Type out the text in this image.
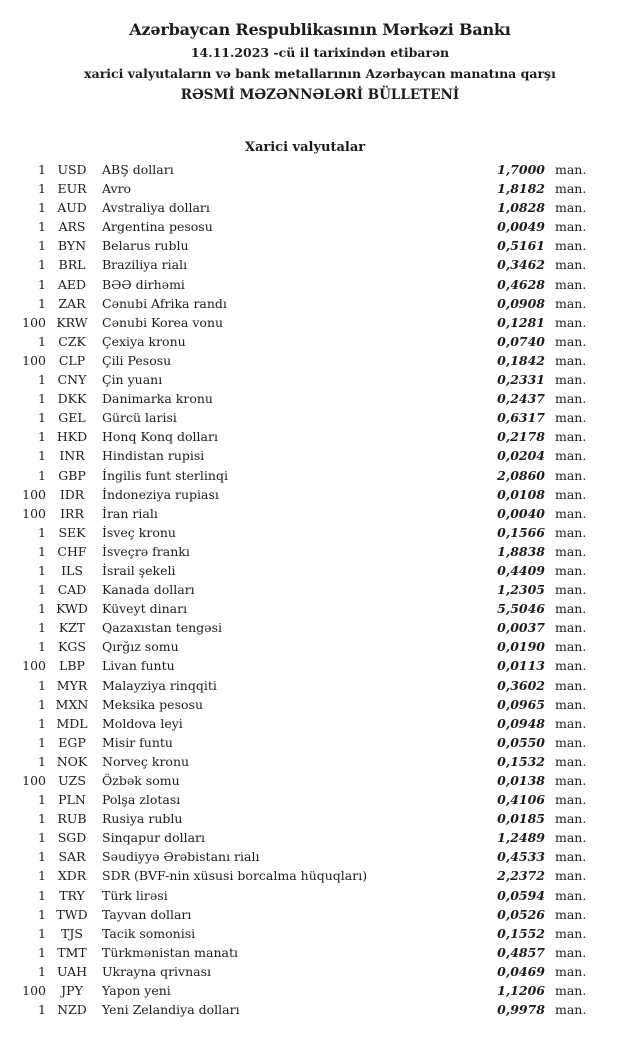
Azərbaycan Respublikasının Mərkəzi Bankı
14.11.2023 -cü il tarixindən etibarən
xarici valyutaların və bank metallarının Azərbaycan manatına qarşı
RƏSMİ MƏZƏNNƏLƏRİ BÜLLETENİ
Xarici valyutalar
1 USD	ABŞ dolları	1,7000 man.
1 EUR	Avro	1,8182 man.
1 AUD	Avstraliya dolları	1,0828 man.
1 ARS	Argentina pesosu	0,0049 man.
1 BYN	Belarus rublu	0,5161 man.
1	BRL	Braziliya rialı	0,3462 man.
1 AED	BƏƏ dirhəmi	0,4628 man.
1 ZAR	Cənubi Afrika randı	0,0908 man.
100 KRW	Cənubi Korea vonu	0,1281 man.
1 CZK	Çexiya kronu	0,0740 man.
100	CLP	Çili Pesosu	0,1842 man.
1 CNY	Çin yuanı	0,2331 man.
1 DKK	Danimarka kronu	0,2437 man.
1 GEL	Gürcü larisi	0,6317 man.
1 HKD	Honq Konq dolları	0,2178 man.
1	INR	Hindistan rupisi	0,0204 man.
1 GBP	İngilis funt sterlinqi	2,0860 man.
100	IDR	İndoneziya rupiası	0,0108 man.
100	IRR	İran rialı	0,0040 man.
1 SEK	İsveç kronu	0,1566 man.
1 CHF	İsveçrə frankı	1,8838 man.
1	ILS	İsrail şekeli	0,4409 man.
1 CAD	Kanada dolları	1,2305 man.
1 KWD	Küveyt dinarı	5,5046 man.
1	KZT	Qazaxıstan tengəsi	0,0037 man.
1 KGS	Qırğız somu	0,0190 man.
100	LBP	Livan funtu	0,0113 man.
1 MYR	Malayziya rinqqiti	0,3602 man.
1 MXN	Meksika pesosu	0,0965 man.
1 MDL	Moldova leyi	0,0948 man.
1 EGP	Misir funtu	0,0550 man.
1 NOK	Norveç kronu	0,1532 man.
100 UZS	Özbək somu	0,0138 man.
1 PLN	Polşa zlotası	0,4106 man.
1 RUB	Rusiya rublu	0,0185 man.
1 SGD	Sinqapur dolları	1,2489 man.
1 SAR	Səudiyyə Ərəbistanı rialı	0,4533 man.
1 XDR	SDR (BVF-nin xüsusi borcalma hüquqları)	2,2372 man.
1	TRY	Türk lirəsi	0,0594 man.
1 TWD	Tayvan dolları	0,0526 man.
1	TJS	Tacik somonisi	0,1552 man.
1 TMT	Türkmənistan manatı	0,4857 man.
1 UAH	Ukrayna qrivnası	0,0469 man.
100	JPY	Yapon yeni	1,1206 man.
1 NZD	Yeni Zelandiya dolları	0,9978 man.
